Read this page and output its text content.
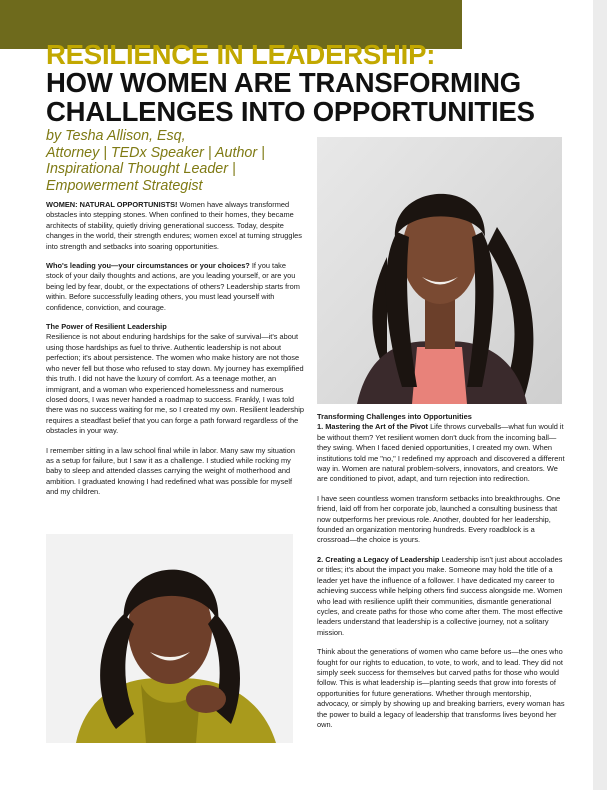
RESILIENCE IN LEADERSHIP:
HOW WOMEN ARE TRANSFORMING
CHALLENGES INTO OPPORTUNITIES
by Tesha Allison, Esq,
Attorney | TEDx Speaker | Author |
Inspirational Thought Leader |
Empowerment Strategist

WOMEN: NATURAL OPPORTUNISTS! Women have always transformed obstacles into stepping stones. When confined to their homes, they became architects of stability, quietly driving generational success. Today, despite changes in the world, their strength endures; women excel at turning struggles into strength and setbacks into soaring opportunities.

Who's leading you—your circumstances or your choices? If you take stock of your daily thoughts and actions, are you leading yourself, or are you being led by fear, doubt, or the expectations of others? Leadership starts from within. Before successfully leading others, you must lead yourself with confidence, conviction, and courage.

The Power of Resilient Leadership
Resilience is not about enduring hardships for the sake of survival—it's about using those hardships as fuel to thrive. Authentic leadership is not about perfection; it's about persistence. The women who make history are not those who never fell but those who refused to stay down. My journey has exemplified this truth. I did not have the luxury of comfort. As a teenage mother, an immigrant, and a woman who experienced homelessness and numerous closed doors, I was never handed a roadmap to success. Frankly, I was told there was no success waiting for me, so I created my own. Resilient leadership requires a steadfast belief that you can forge a path forward regardless of the obstacles in your way.

I remember sitting in a law school final while in labor. Many saw my situation as a setup for failure, but I saw it as a challenge. I studied while rocking my baby to sleep and attended classes carrying the weight of motherhood and ambition. I graduated knowing I had redefined what was possible for myself and my children.

Transforming Challenges into Opportunities
1. Mastering the Art of the Pivot Life throws curveballs—what fun would it be without them? Yet resilient women don't duck from the incoming ball—they swing. When I faced denied opportunities, I created my own. When institutions told me "no," I redefined my approach and discovered a different way in. Women are natural problem-solvers, innovators, and creators. We are conditioned to pivot, adapt, and turn rejection into redirection.

I have seen countless women transform setbacks into breakthroughs. One friend, laid off from her corporate job, launched a consulting business that now outperforms her previous role. Another, doubted for her leadership, founded an organization mentoring hundreds. Every roadblock is a crossroad—the choice is yours.

2. Creating a Legacy of Leadership Leadership isn't just about accolades or titles; it's about the impact you make. Someone may hold the title of a leader yet have the influence of a follower. I have dedicated my career to achieving success while helping others find success alongside me. Women who lead with resilience uplift their communities, dismantle generational cycles, and create paths for those who come after them. The most effective leaders understand that leadership is a collective journey, not a solitary mission.

Think about the generations of women who came before us—the ones who fought for our rights to education, to vote, to work, and to lead. They did not simply seek success for themselves but carved paths for those who would follow. This is what leadership is—planting seeds that grow into forests of opportunities for future generations. Whether through mentorship, advocacy, or simply by showing up and breaking barriers, every woman has the power to build a legacy of leadership that transforms lives beyond her own.
